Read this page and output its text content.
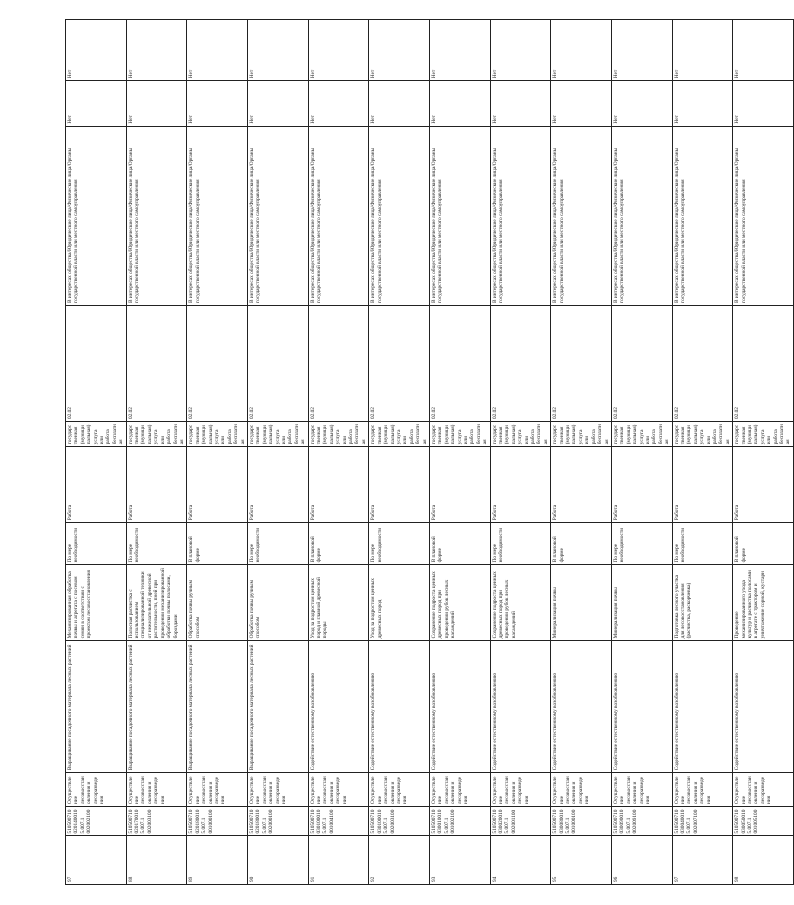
97	5105007100201400105.007.1 002002100	Осуществление лесовосстановления и лесоразведения	Выращивание посадочного материала лесных растений	Механизированная обработка почвы и агрегата с посевом семян в соответствии с проектом лесовосстановления	По мере необходимости	Работа	государственная (муниципальная) услуга или работа бесплатная	02.02	В интересах общества/Юридические лица/Физические лица/Органы государственной власти или местного самоуправления	Нет	Нет
88	5105007100201700105.007.1 002003100	Осуществление лесовосстановления и лесоразведения	Выращивание посадочного материала лесных растений	Полосная расчистка с использованием специализированной техники от нежелательной древесной растительности, пней при проведении механизированной обработки почвы полосами, бороздами	По мере необходимости	Работа	государственная (муниципальная) услуга или работа бесплатная	02.02	В интересах общества/Юридические лица/Физические лица/Органы государственной власти или местного самоуправления	Нет	Нет
89	5105007100201800105.007.1 001000100	Осуществление лесовосстановления и лесоразведения	Выращивание посадочного материала лесных растений	Обработка почвы ручным способом	В плановой форме	Работа	государственная (муниципальная) услуга или работа бесплатная	02.02	В интересах общества/Юридические лица/Физические лица/Органы государственной власти или местного самоуправления	Нет	Нет
90	5105007100201800105.007.1 002000100	Осуществление лесовосстановления и лесоразведения	Выращивание посадочного материала лесных растений	Обработка почвы ручным способом	По мере необходимости	Работа	государственная (муниципальная) услуга или работа бесплатная	02.02	В интересах общества/Юридические лица/Физические лица/Органы государственной власти или местного самоуправления	Нет	Нет
91	5105007100301000105.007.1 001004100	Осуществление лесовосстановления и лесоразведения	Содействие естественному возобновлению	Уход за подростом ценных пород и главной древесной породы	В плановой форме	Работа	государственная (муниципальная) услуга или работа бесплатная	02.02	В интересах общества/Юридические лица/Физические лица/Органы государственной власти или местного самоуправления	Нет	Нет
92	5105007100301000105.007.1 002003100	Осуществление лесовосстановления и лесоразведения	Содействие естественному возобновлению	Уход за подростом ценных древесных пород	По мере необходимости	Работа	государственная (муниципальная) услуга или работа бесплатная	02.02	В интересах общества/Юридические лица/Физические лица/Органы государственной власти или местного самоуправления	Нет	Нет
93	5105007100300100105.007.1 001002100	Осуществление лесовосстановления и лесоразведения	Содействие естественному возобновлению	Сохранение подроста ценных древесных пород при проведении рубок лесных насаждений	В плановой форме	Работа	государственная (муниципальная) услуга или работа бесплатная	02.02	В интересах общества/Юридические лица/Физические лица/Органы государственной власти или местного самоуправления	Нет	Нет
94	5105007100300200105.007.1 002001100	Осуществление лесовосстановления и лесоразведения	Содействие естественному возобновлению	Сохранение подроста ценных древесных пород при проведении рубок лесных насаждений	По мере необходимости	Работа	государственная (муниципальная) услуга или работа бесплатная	02.02	В интересах общества/Юридические лица/Физические лица/Органы государственной власти или местного самоуправления	Нет	Нет
95	5105007100300800105.007.1 001000100	Осуществление лесовосстановления и лесоразведения	Содействие естественному возобновлению	Минерализация почвы	В плановой форме	Работа	государственная (муниципальная) услуга или работа бесплатная	02.02	В интересах общества/Юридические лица/Физические лица/Органы государственной власти или местного самоуправления	Нет	Нет
96	5105007100300900105.007.1 002009100	Осуществление лесовосстановления и лесоразведения	Содействие естественному возобновлению	Минерализация почвы	По мере необходимости	Работа	государственная (муниципальная) услуга или работа бесплатная	02.02	В интересах общества/Юридические лица/Физические лица/Органы государственной власти или местного самоуправления	Нет	Нет
97	5105007100300400105.007.1 002007100	Осуществление лесовосстановления и лесоразведения	Содействие естественному возобновлению	Подготовка лесного участка для лесовосстановления (расчистка, раскорчевка)	По мере необходимости	Работа	государственная (муниципальная) услуга или работа бесплатная	02.02	В интересах общества/Юридические лица/Физические лица/Органы государственной власти или местного самоуправления	Нет	Нет
98	5105007100300500105.007.1 001005100	Осуществление лесовосстановления и лесоразведения	Содействие естественному возобновлению	Проведение механизированного ухода культур и расчистка полосами в агрегате с трактором и уничтожение сорной, кустарн	В плановой форме	Работа	государственная (муниципальная) услуга или работа бесплатная	02.02	В интересах общества/Юридические лица/Физические лица/Органы государственной власти или местного самоуправления	Нет	Нет
